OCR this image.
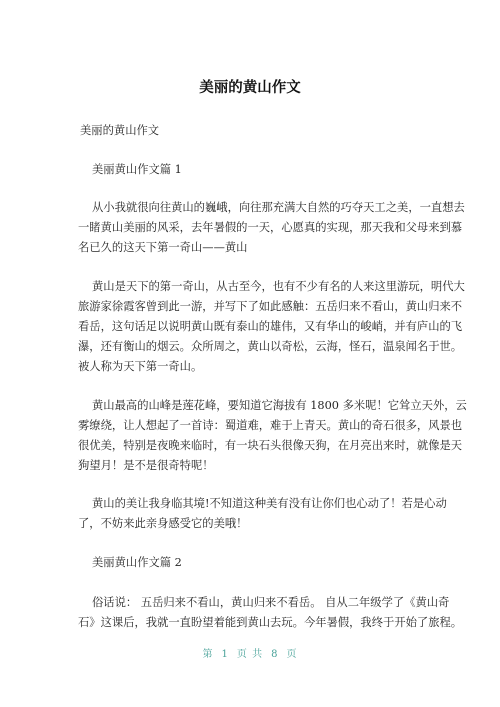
美丽的黄山作文
美丽的黄山作文
美丽黄山作文篇 1
从小我就很向往黄山的巍峨，向往那充满大自然的巧夺天工之美，一直想去
一睹黄山美丽的风采，去年暑假的一天，心愿真的实现，那天我和父母来到慕
名已久的这天下第一奇山——黄山
黄山是天下的第一奇山，从古至今，也有不少有名的人来这里游玩，明代大
旅游家徐霞客曾到此一游，并写下了如此感触：五岳归来不看山，黄山归来不
看岳，这句话足以说明黄山既有泰山的雄伟，又有华山的峻峭，并有庐山的飞
瀑，还有衡山的烟云。众所周之，黄山以奇松，云海，怪石，温泉闻名于世。
被人称为天下第一奇山。
黄山最高的山峰是莲花峰，要知道它海拔有 1800 多米呢！它耸立天外，云
雾缭绕，让人想起了一首诗：蜀道难，难于上青天。黄山的奇石很多，风景也
很优美，特别是夜晚来临时，有一块石头很像天狗，在月亮出来时，就像是天
狗望月！是不是很奇特呢！
黄山的美让我身临其境!不知道这种美有没有让你们也心动了！若是心动
了，不妨来此亲身感受它的美哦！
美丽黄山作文篇 2
俗话说： 五岳归来不看山，黄山归来不看岳。 自从二年级学了《黄山奇
石》这课后，我就一直盼望着能到黄山去玩。今年暑假，我终于开始了旅程。
第 1 页 共 8 页
